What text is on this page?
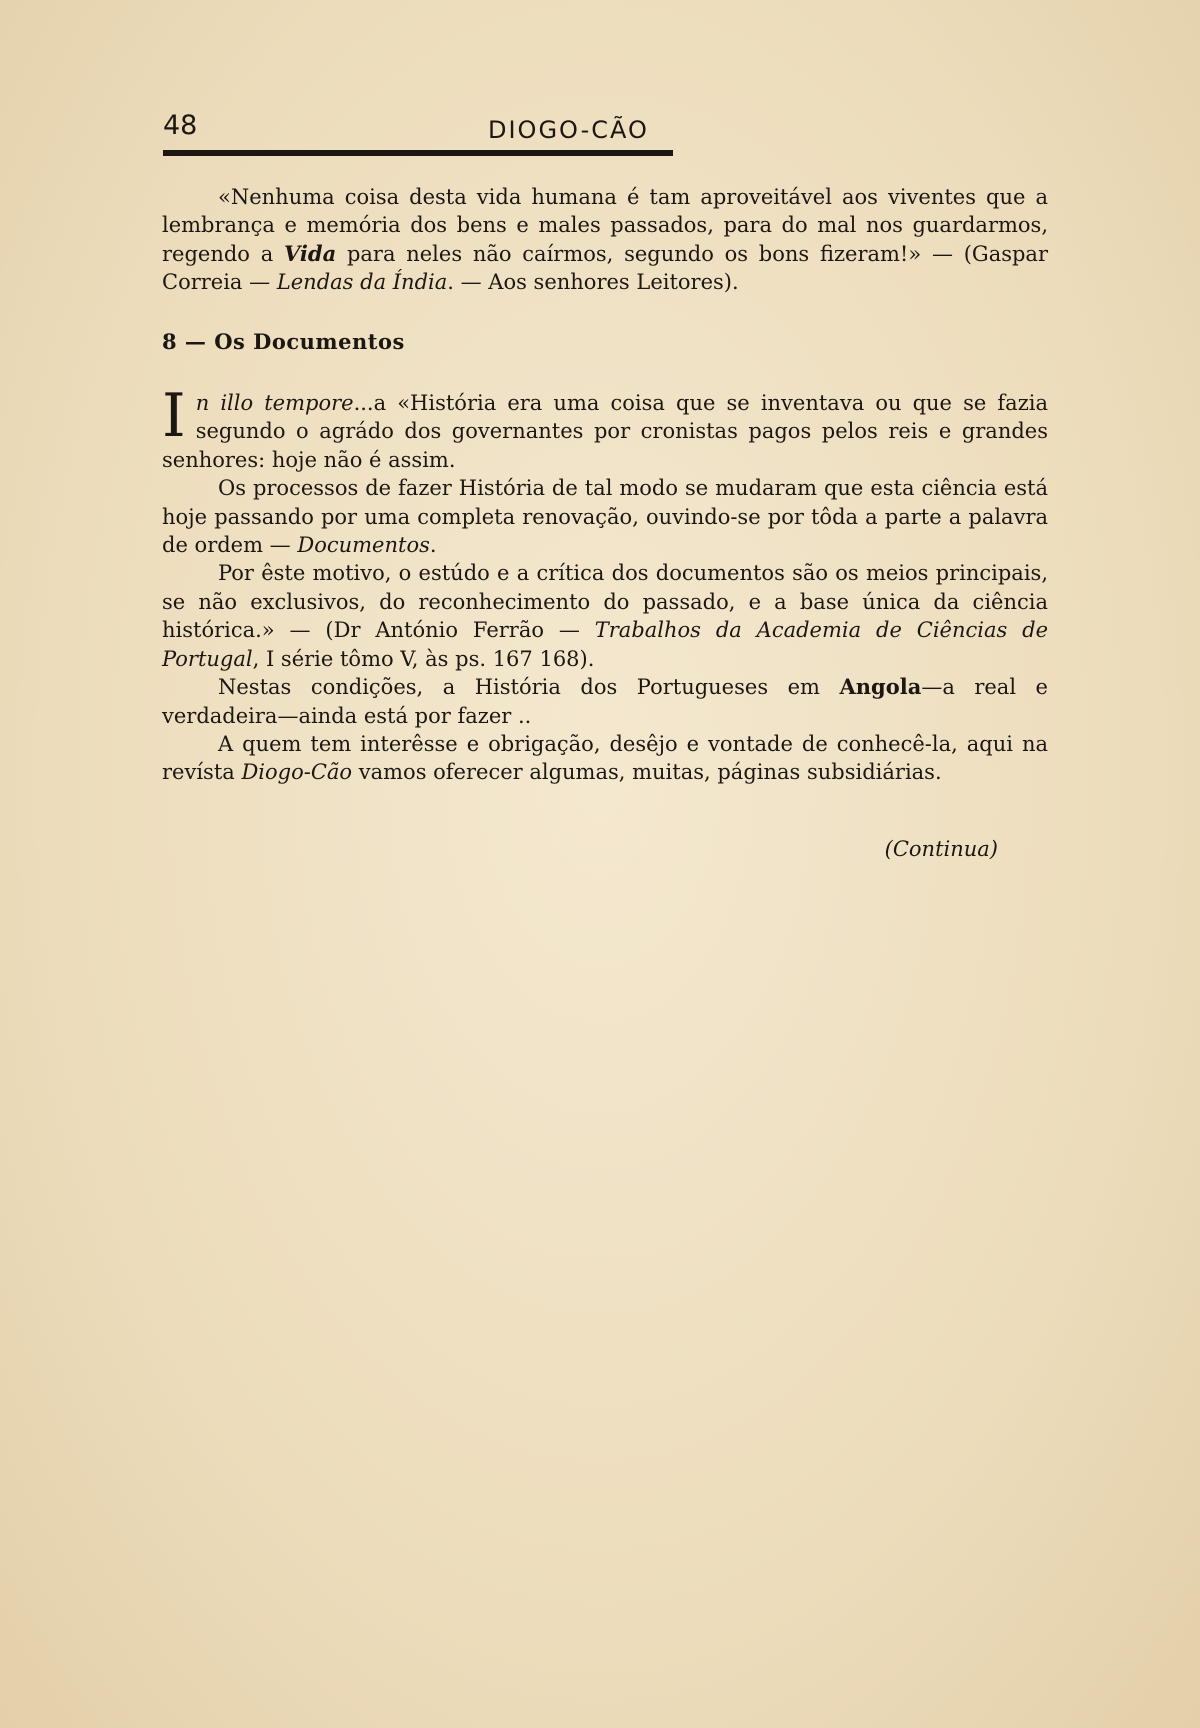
48	DIOGO-CÃO

«Nenhuma coisa desta vida humana é tam aproveitável aos viventes que a lembrança e memória dos bens e males passados, para do mal nos guardarmos, regendo a Vida para neles não caírmos, segundo os bons fizeram!» — (Gaspar Correia — Lendas da Índia. — Aos senhores Leitores).

8 — Os Documentos

In illo tempore...a «História era uma coisa que se inventava ou que se fazia segundo o agrádo dos governantes por cronistas pagos pelos reis e grandes senhores: hoje não é assim.

Os processos de fazer História de tal modo se mudaram que esta ciência está hoje passando por uma completa renovação, ouvindo-se por tôda a parte a palavra de ordem — Documentos.

Por êste motivo, o estúdo e a crítica dos documentos são os meios principais, se não exclusivos, do reconhecimento do passado, e a base única da ciência histórica.» — (Dr António Ferrão — Trabalhos da Academia de Ciências de Portugal, I série tômo V, às ps. 167 168).

Nestas condições, a História dos Portugueses em Angola—a real e verdadeira—ainda está por fazer ..

A quem tem interêsse e obrigação, desêjo e vontade de conhecê-la, aqui na revísta Diogo-Cão vamos oferecer algumas, muitas, páginas subsidiárias.

(Continua)
